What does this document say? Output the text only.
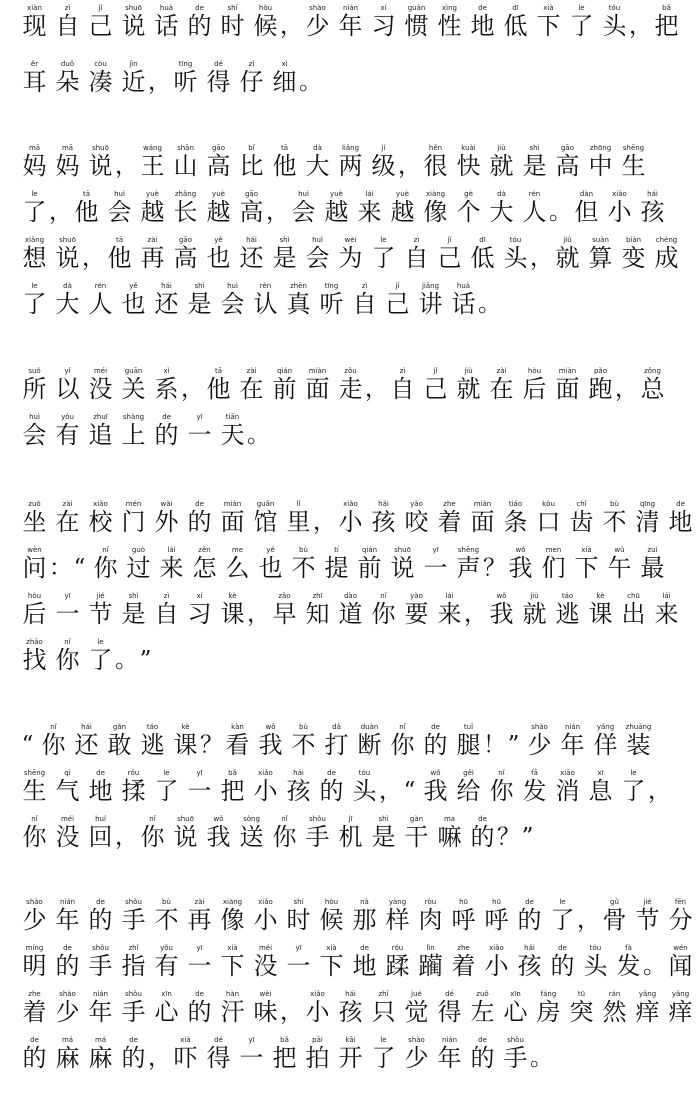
xiàn
现
zì
自
jǐ
己
shuō
说
huà
话
de
的
shí
时
hòu
候 ，
shào
少
nián
年
xí
习
guàn
惯
xìng
性
de
地
dī
低
xià
下
le
了
tóu
头 ，
bǎ
把
ěr
耳
duǒ
朵
còu
凑
jìn
近 ，
tīng
听
dé
得
zǐ
仔
xì
细 。
mā
妈
mā
妈
shuō
说 ，
wáng
王
shān
山
gāo
高
bǐ
比
tā
他
dà
大
liǎng
两
jí
级 ，
hěn
很
kuài
快
jiù
就
shì
是
gāo
高
zhōng
中
shēng
生
le
了 ，
tā
他
huì
会
yuè
越
zhǎng
长
yuè
越
gāo
高 ，
huì
会
yuè
越
lái
来
yuè
越
xiàng
像
gè
个
dà
大
rén
人 。
dàn
但
xiǎo
小
hái
孩
xiǎng
想
shuō
说 ，
tā
他
zài
再
gāo
高
yě
也
hái
还
shì
是
huì
会
wèi
为
le
了
zì
自
jǐ
己
dī
低
tóu
头 ，
jiù
就
suàn
算
biàn
变
chéng
成
le
了
dà
大
rén
人
yě
也
hái
还
shì
是
huì
会
rèn
认
zhēn
真
tīng
听
zì
自
jǐ
己
jiǎng
讲
huà
话 。
suǒ
所
yǐ
以
méi
没
guān
关
xì
系 ，
tā
他
zài
在
qián
前
miàn
面
zǒu
走 ，
zì
自
jǐ
己
jiù
就
zài
在
hòu
后
miàn
面
pǎo
跑 ，
zǒng
总
huì
会
yǒu
有
zhuī
追
shàng
上
de
的
yī
一
tiān
天 。
zuò
坐
zài
在
xiào
校
mén
门
wài
外
de
的
miàn
面
guǎn
馆
lǐ
里 ，
xiǎo
小
hái
孩
yǎo
咬
zhe
着
miàn
面
tiáo
条
kǒu
口
chǐ
齿
bù
不
qīng
清
de
地
wèn
问 ： “
nǐ
你
guò
过
lái
来
zěn
怎
me
么
yě
也
bù
不
tí
提
qián
前
shuō
说
yī
一
shēng
声 ？
wǒ
我
men
们
xià
下
wǔ
午
zuì
最
hòu
后
yī
一
jié
节
shì
是
zì
自
xí
习
kè
课 ，
zǎo
早
zhī
知
dào
道
nǐ
你
yào
要
lái
来 ，
wǒ
我
jiù
就
táo
逃
kè
课
chū
出
lái
来
zhǎo
找
nǐ
你
le
了 。 ”
“
nǐ
你
hái
还
gǎn
敢
táo
逃
kè
课 ？
kàn
看
wǒ
我
bù
不
dǎ
打
duàn
断
nǐ
你
de
的
tuǐ
腿 ！ ”
shào
少
nián
年
yáng
佯
zhuāng
装
shēng
生
qì
气
de
地
róu
揉
le
了
yī
一
bǎ
把
xiǎo
小
hái
孩
de
的
tóu
头 ， “
wǒ
我
gěi
给
nǐ
你
fā
发
xiāo
消
xī
息
le
了 ，
nǐ
你
méi
没
huí
回 ，
nǐ
你
shuō
说
wǒ
我
sòng
送
nǐ
你
shǒu
手
jī
机
shì
是
gàn
干
ma
嘛
de
的 ？ ”
shào
少
nián
年
de
的
shǒu
手
bù
不
zài
再
xiàng
像
xiǎo
小
shí
时
hòu
候
nà
那
yàng
样
ròu
肉
hū
呼
hū
呼
de
的
le
了 ，
gǔ
骨
jié
节
fēn
分
míng
明
de
的
shǒu
手
zhǐ
指
yǒu
有
yī
一
xià
下
méi
没
yī
一
xià
下
de
地
róu
蹂
lìn
躏
zhe
着
xiǎo
小
hái
孩
de
的
tóu
头
fà
发 。
wén
闻
zhe
着
shào
少
nián
年
shǒu
手
xīn
心
de
的
hàn
汗
wèi
味 ，
xiǎo
小
hái
孩
zhǐ
只
jué
觉
dé
得
zuǒ
左
xīn
心
fáng
房
tū
突
rán
然
yǎng
痒
yǎng
痒
de
的
má
麻
má
麻
de
的 ，
xià
吓
dé
得
yī
一
bǎ
把
pāi
拍
kāi
开
le
了
shào
少
nián
年
de
的
shǒu
手 。
